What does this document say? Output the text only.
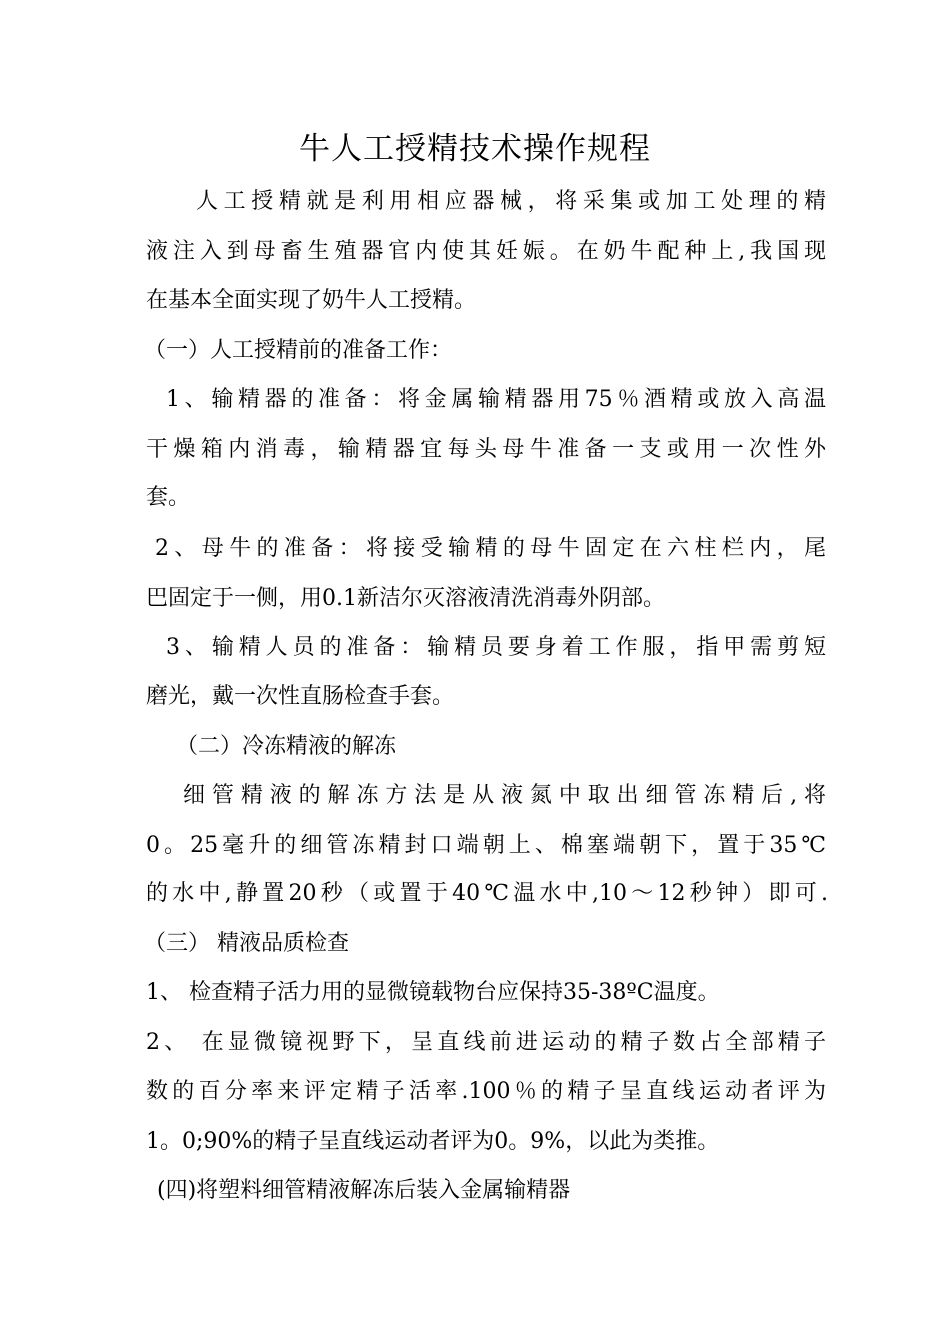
牛人工授精技术操作规程
人工授精就是利用相应器械，将采集或加工处理的精
液注入到母畜生殖器官内使其妊娠。在奶牛配种上,我国现
在基本全面实现了奶牛人工授精。
（一）人工授精前的准备工作：
1、输精器的准备：将金属输精器用75％酒精或放入高温
干燥箱内消毒，输精器宜每头母牛准备一支或用一次性外
套。
2、母牛的准备：将接受输精的母牛固定在六柱栏内，尾
巴固定于一侧，用0.1新洁尔灭溶液清洗消毒外阴部。
3、输精人员的准备：输精员要身着工作服，指甲需剪短
磨光，戴一次性直肠检查手套。
（二）冷冻精液的解冻
细管精液的解冻方法是从液氮中取出细管冻精后,将
0。25毫升的细管冻精封口端朝上、棉塞端朝下，置于35℃
的水中,静置20秒（或置于40℃温水中,10～12秒钟）即可.
（三） 精液品质检查
1、 检查精子活力用的显微镜载物台应保持35-38ºC温度。
2、 在显微镜视野下，呈直线前进运动的精子数占全部精子
数的百分率来评定精子活率.100％的精子呈直线运动者评为
1。0;90%的精子呈直线运动者评为0。9%，以此为类推。
(四)将塑料细管精液解冻后装入金属输精器
